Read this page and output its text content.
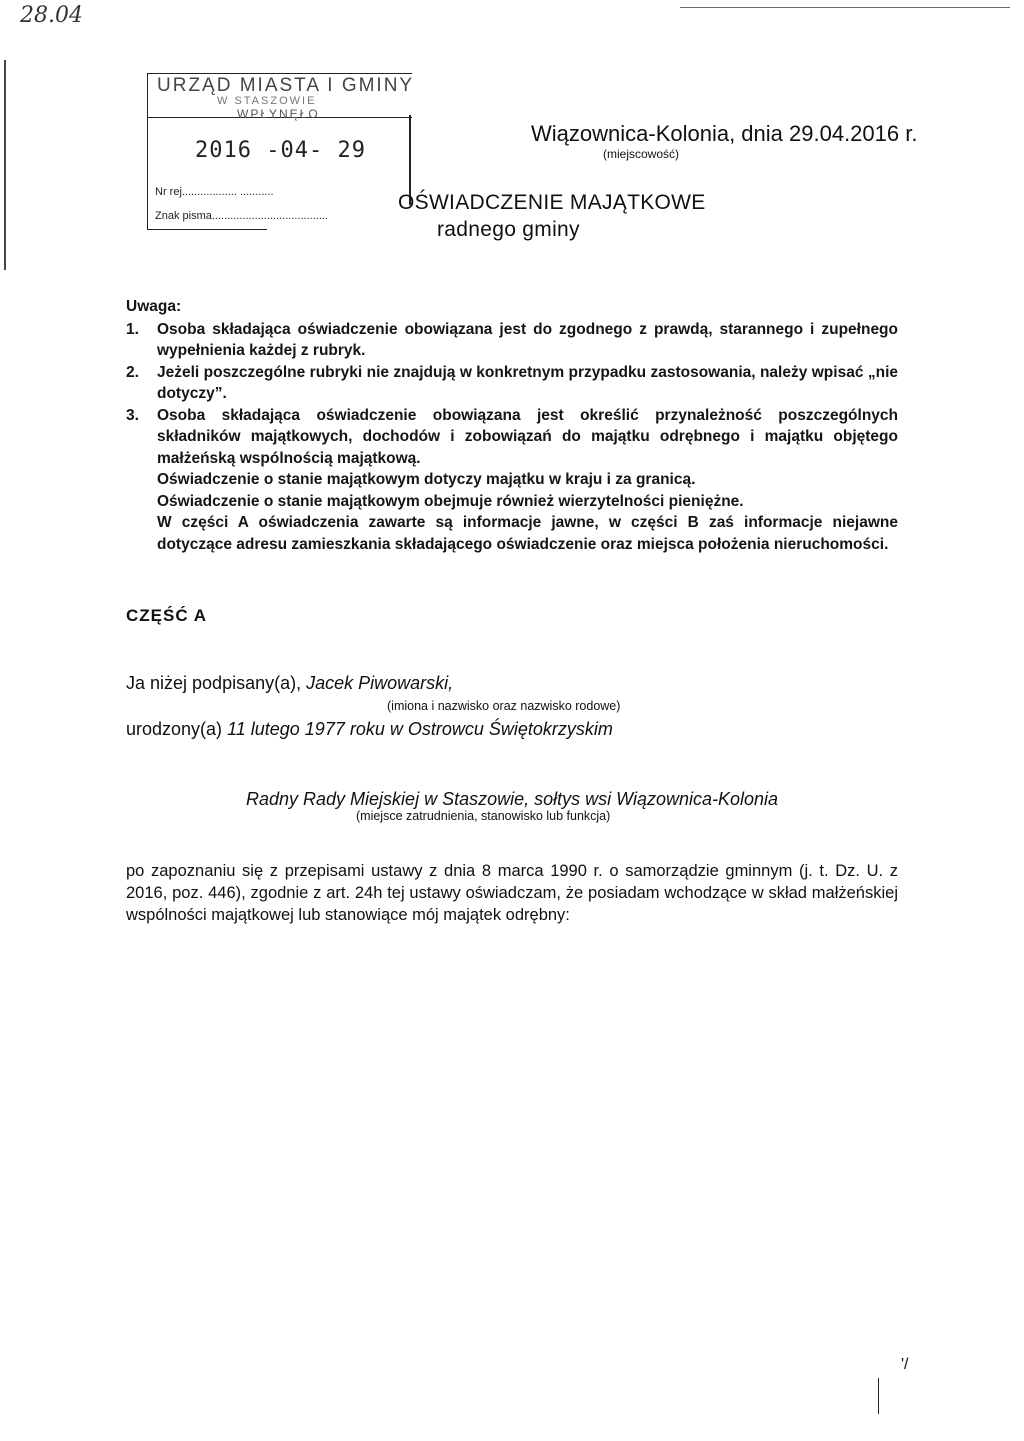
28.04
URZĄD MIASTA I GMINY
W STASZOWIE
WPŁYNĘŁO
2016 -04- 29
Nr rej.................. ...........
Znak pisma......................................
Wiązownica-Kolonia, dnia 29.04.2016 r.
(miejscowość)
OŚWIADCZENIE MAJĄTKOWE
radnego gminy
Uwaga:
1.	Osoba składająca oświadczenie obowiązana jest do zgodnego z prawdą, starannego i zupełnego wypełnienia każdej z rubryk.
2.	Jeżeli poszczególne rubryki nie znajdują w konkretnym przypadku zastosowania, należy wpisać „nie dotyczy”.
3.	Osoba składająca oświadczenie obowiązana jest określić przynależność poszczególnych składników majątkowych, dochodów i zobowiązań do majątku odrębnego i majątku objętego małżeńską wspólnością majątkową.
Oświadczenie o stanie majątkowym dotyczy majątku w kraju i za granicą.
Oświadczenie o stanie majątkowym obejmuje również wierzytelności pieniężne.
W części A oświadczenia zawarte są informacje jawne, w części B zaś informacje niejawne dotyczące adresu zamieszkania składającego oświadczenie oraz miejsca położenia nieruchomości.
CZĘŚĆ A
Ja niżej podpisany(a), Jacek Piwowarski,
(imiona i nazwisko oraz nazwisko rodowe)
urodzony(a) 11 lutego 1977 roku w Ostrowcu Świętokrzyskim
Radny Rady Miejskiej w Staszowie, sołtys wsi Wiązownica-Kolonia
(miejsce zatrudnienia, stanowisko lub funkcja)
po zapoznaniu się z przepisami ustawy z dnia 8 marca 1990 r. o samorządzie gminnym (j. t. Dz. U. z 2016, poz. 446), zgodnie z art. 24h tej ustawy oświadczam, że posiadam wchodzące w skład małżeńskiej wspólności majątkowej lub stanowiące mój majątek odrębny:
'/
